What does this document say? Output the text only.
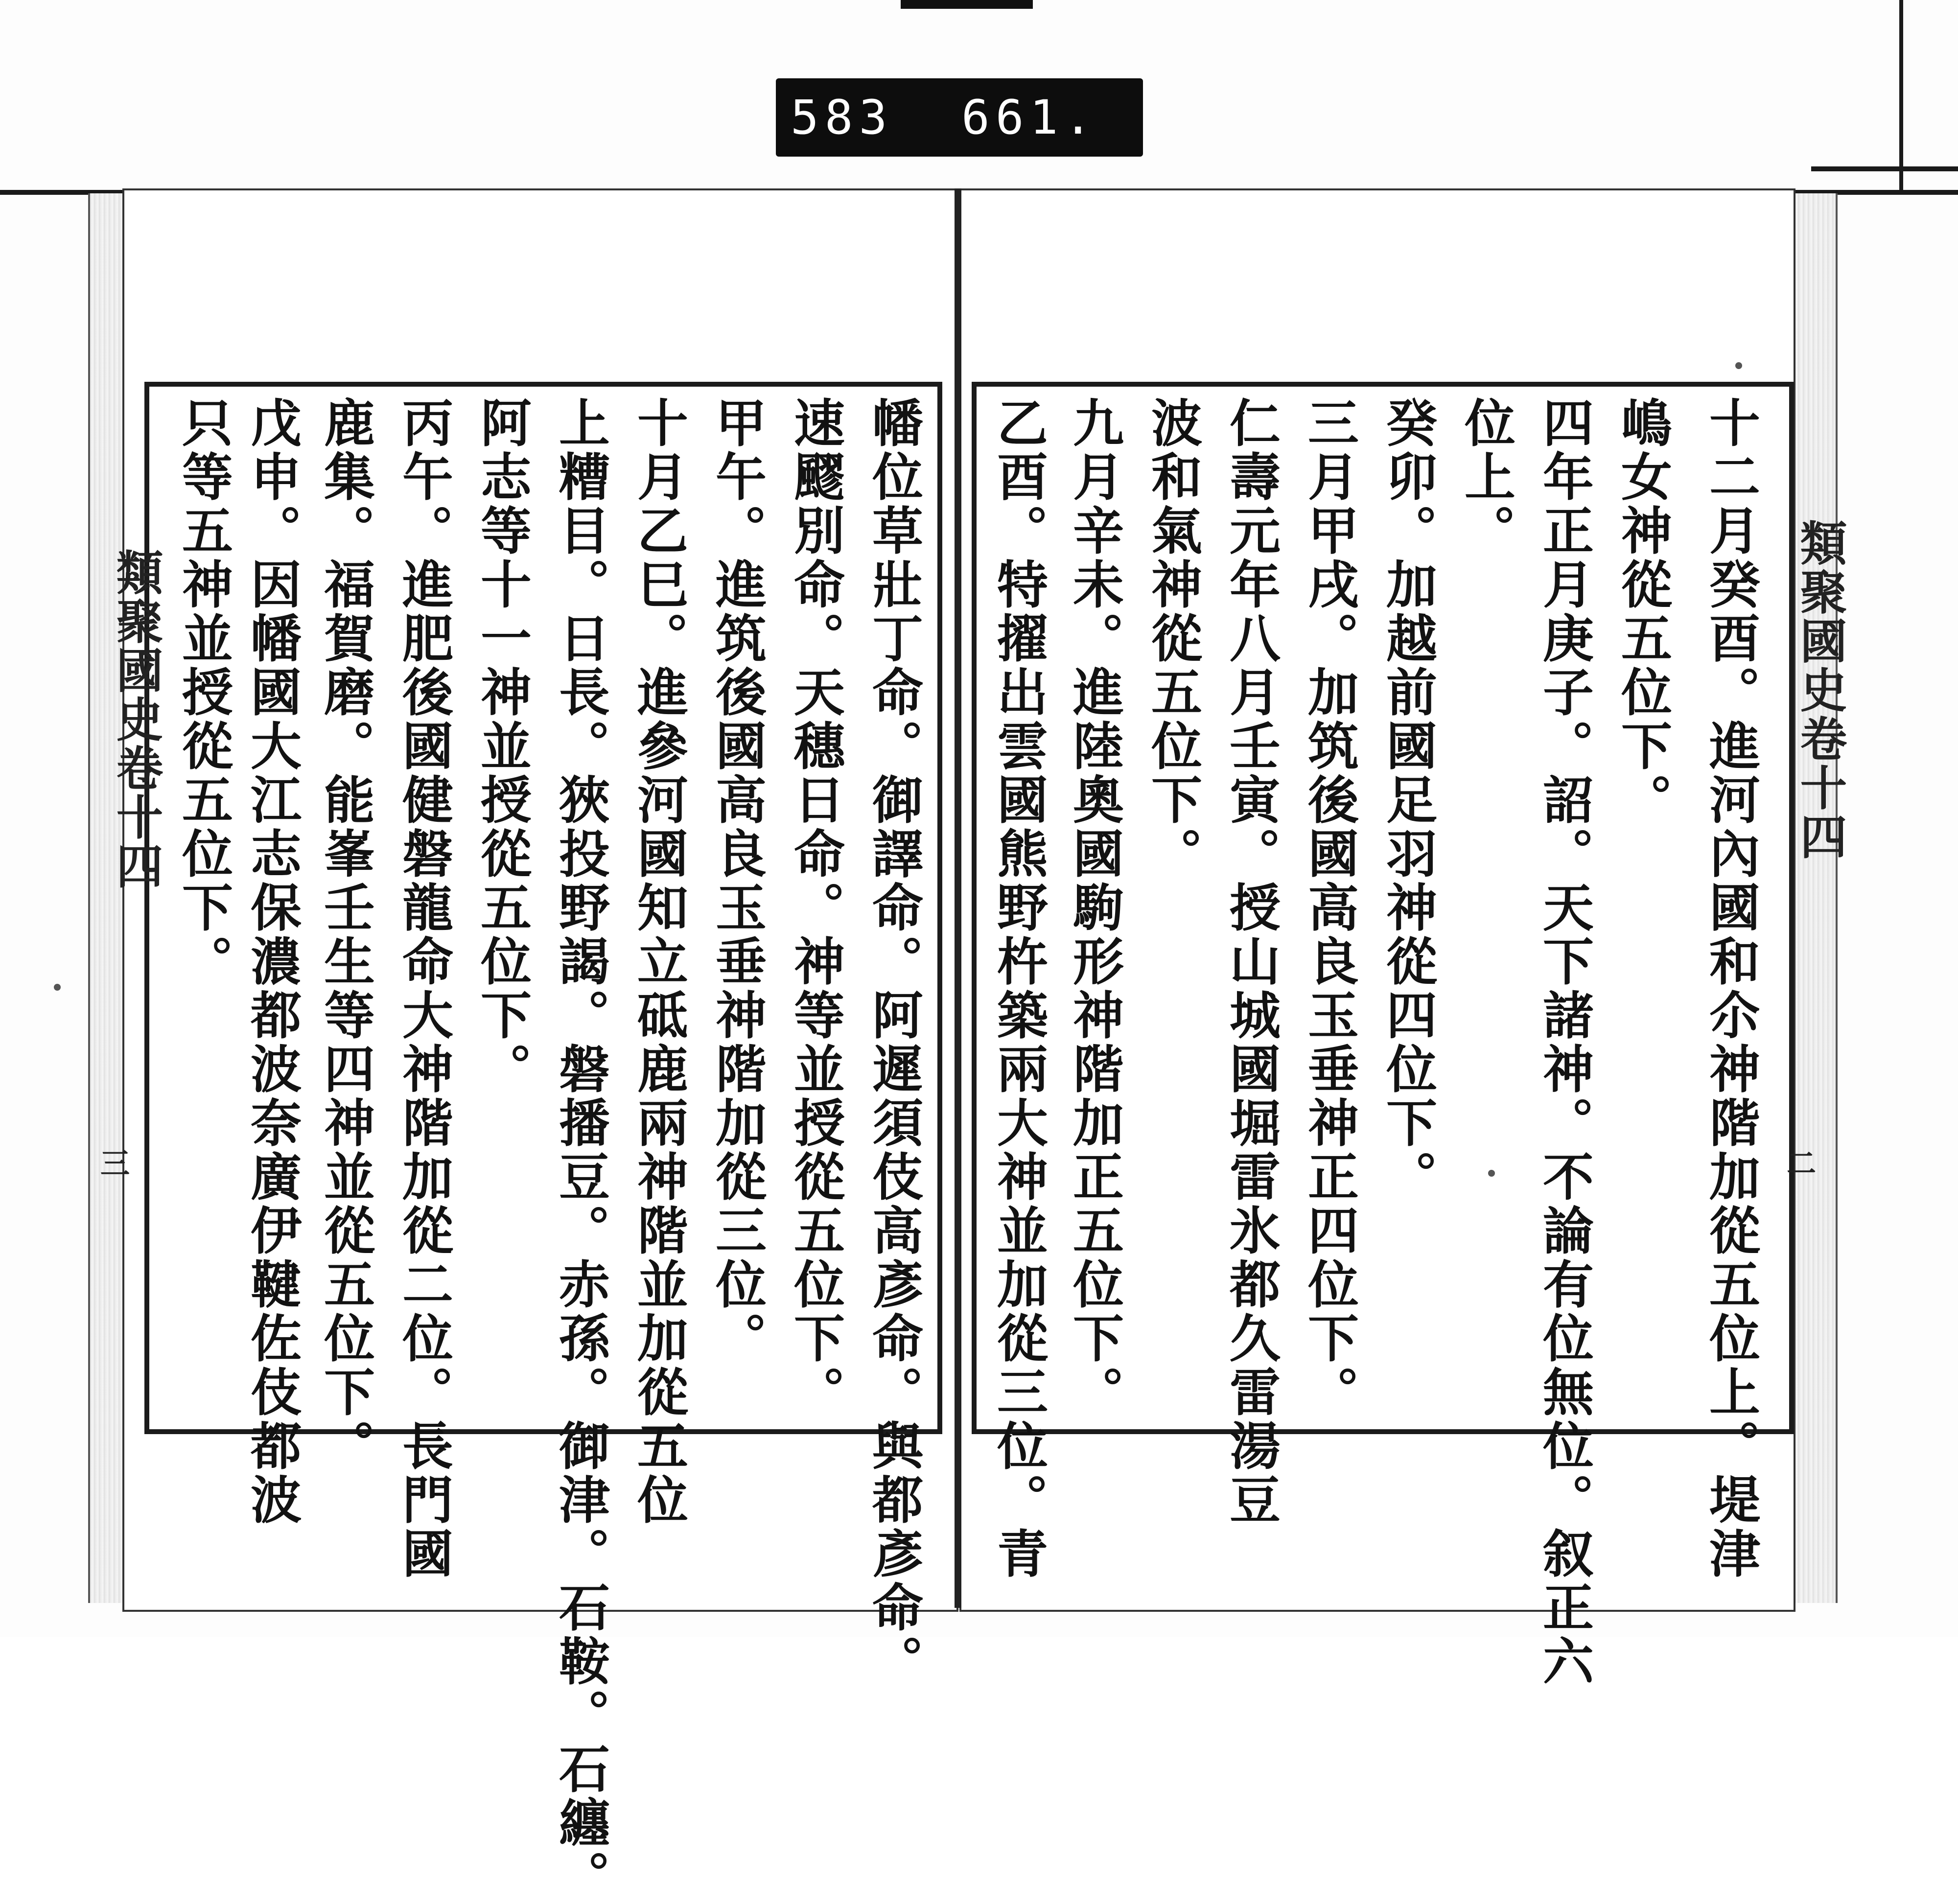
583  661.
類聚國史卷十四
三	幡位草壯丁命。御譯命。阿遲須伎高彥命。與都彥命。
速飂別命。天穗日命。神等並授從五位下。
甲午。進筑後國高良玉垂神階加從三位。
十月乙巳。進參河國知立砥鹿兩神階並加從五位
上糟目。日長。狹投野謁。磐播豆。赤孫。御津。石鞍。石纏。
阿志等十一神並授從五位下。
丙午。進肥後國健磐龍命大神階加從二位。長門國
鹿集。福賀磨。能峯壬生等四神並從五位下。
戊申。因幡國大江志保濃都波奈廣伊鞬佐伎都波
只等五神並授從五位下。	類聚國史卷十四
二
十二月癸酉。進河內國和尒神階加從五位上。堤津
嶋女神從五位下。
四年正月庚子。詔。天下諸神。不論有位無位。叙正六
位上。
癸卯。加越前國足羽神從四位下。
三月甲戌。加筑後國高良玉垂神正四位下。
仁壽元年八月壬寅。授山城國堀雷氷都久雷湯豆
波和氣神從五位下。
九月辛未。進陸奧國駒形神階加正五位下。
乙酉。特擢出雲國熊野杵築兩大神並加從三位。青
